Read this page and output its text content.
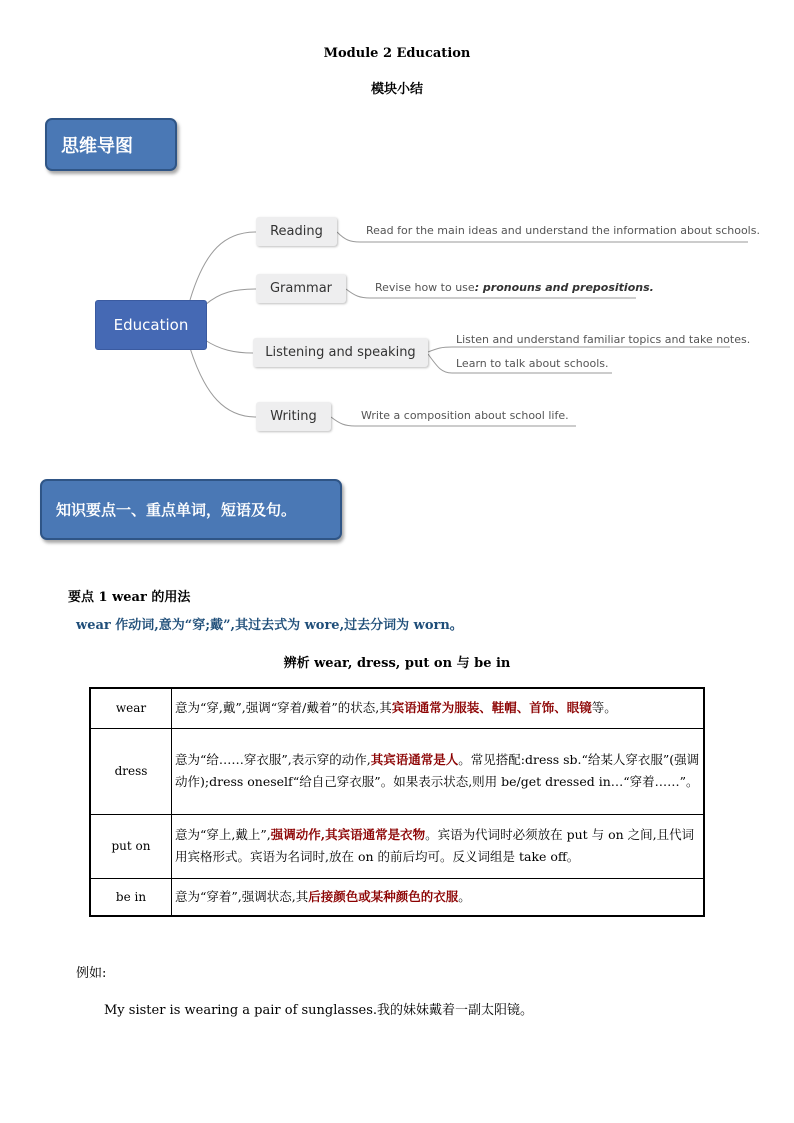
Module 2 Education
模块小结
思维导图
Education
Reading
Grammar
Listening and speaking
Writing
Read for the main ideas and understand the information about schools.
Revise how to use: pronouns and prepositions.
Listen and understand familiar topics and take notes.
Learn to talk about schools.
Write a composition about school life.
知识要点一、重点单词，短语及句。
要点 1 wear 的用法
wear 作动词,意为“穿;戴”,其过去式为 wore,过去分词为 worn。
辨析 wear, dress, put on 与 be in
wear	意为“穿,戴”,强调“穿着/戴着”的状态,其宾语通常为服装、鞋帽、首饰、眼镜等。
dress	意为“给……穿衣服”,表示穿的动作,其宾语通常是人。常见搭配:dress sb.“给某人穿衣服”(强调动作);dress oneself“给自己穿衣服”。如果表示状态,则用 be/get dressed in…“穿着……”。
put on	意为“穿上,戴上”,强调动作,其宾语通常是衣物。宾语为代词时必须放在 put 与 on 之间,且代词用宾格形式。宾语为名词时,放在 on 的前后均可。反义词组是 take off。
be in	意为“穿着”,强调状态,其后接颜色或某种颜色的衣服。
例如:
My sister is wearing a pair of sunglasses.我的妹妹戴着一副太阳镜。
